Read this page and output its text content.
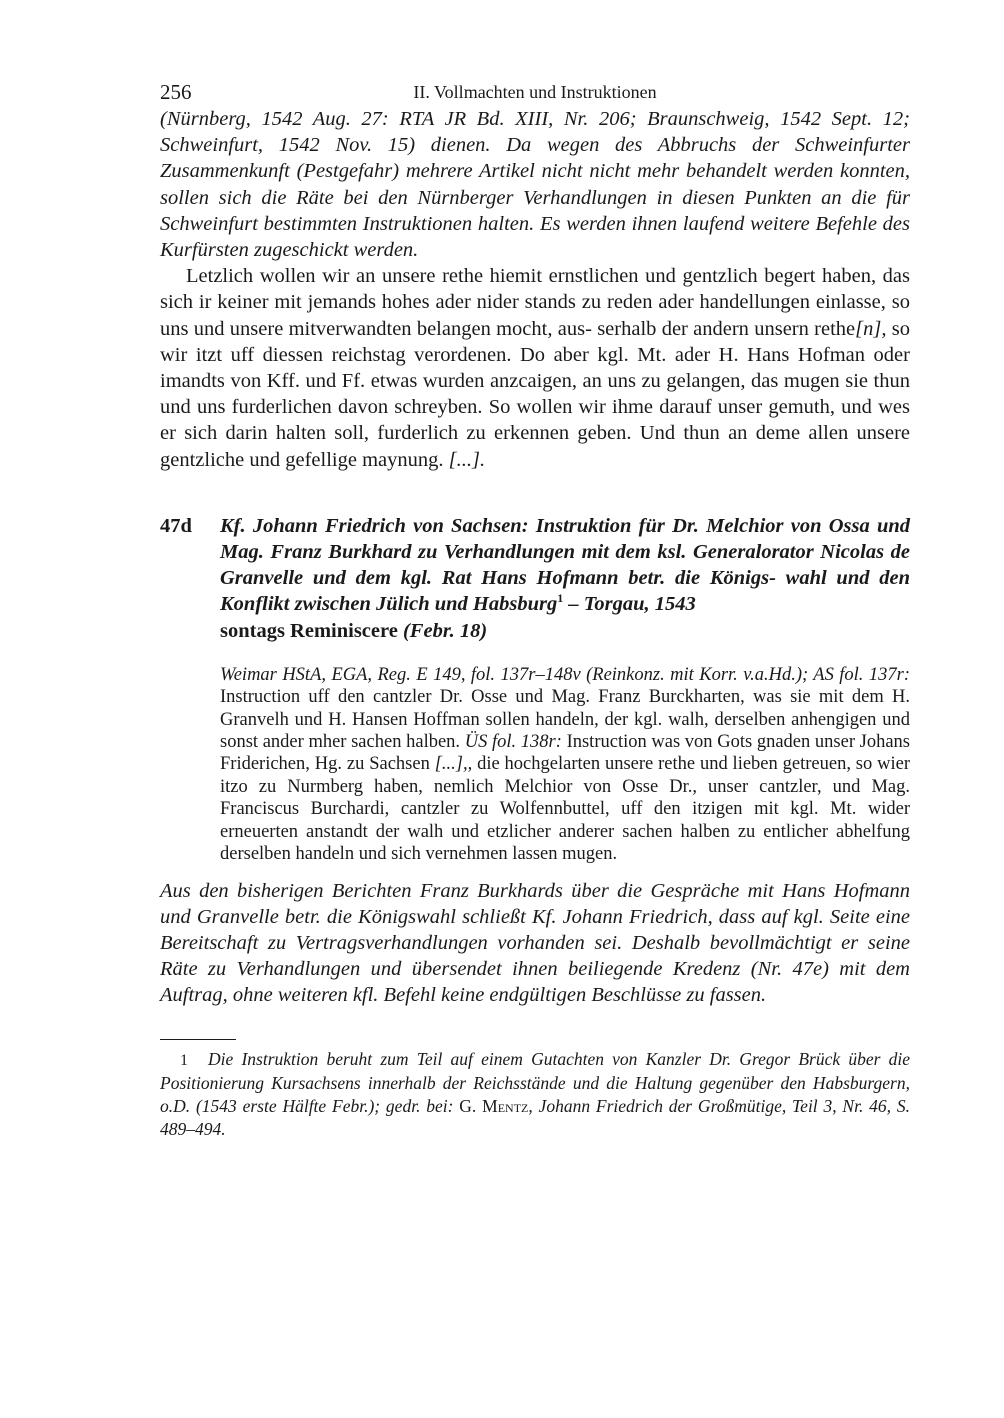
256	II. Vollmachten und Instruktionen

(Nürnberg, 1542 Aug. 27: RTA JR Bd. XIII, Nr. 206; Braunschweig, 1542 Sept. 12; Schweinfurt, 1542 Nov. 15) dienen. Da wegen des Abbruchs der Schweinfurter Zusammenkunft (Pestgefahr) mehrere Artikel nicht nicht mehr behandelt werden konnten, sollen sich die Räte bei den Nürnberger Verhandlungen in diesen Punkten an die für Schweinfurt bestimmten Instruktionen halten. Es werden ihnen laufend weitere Befehle des Kurfürsten zugeschickt werden.

Letzlich wollen wir an unsere rethe hiemit ernstlichen und gentzlich begert haben, das sich ir keiner mit jemands hohes ader nider stands zu reden ader handellungen einlasse, so uns und unsere mitverwandten belangen mocht, aus- serhalb der andern unsern rethe[n], so wir itzt uff diessen reichstag verordenen. Do aber kgl. Mt. ader H. Hans Hofman oder imandts von Kff. und Ff. etwas wurden anzcaigen, an uns zu gelangen, das mugen sie thun und uns furderlichen davon schreyben. So wollen wir ihme darauf unser gemuth, und wes er sich darin halten soll, furderlich zu erkennen geben. Und thun an deme allen unsere gentzliche und gefellige maynung. [...].

47d	Kf. Johann Friedrich von Sachsen: Instruktion für Dr. Melchior von Ossa und Mag. Franz Burkhard zu Verhandlungen mit dem ksl. Generalorator Nicolas de Granvelle und dem kgl. Rat Hans Hofmann betr. die Königs- wahl und den Konflikt zwischen Jülich und Habsburg$^1$ – Torgau, 1543
sontags Reminiscere (Febr. 18)
Weimar HStA, EGA, Reg. E 149, fol. 137r–148v (Reinkonz. mit Korr. v.a.Hd.); AS fol. 137r: Instruction uff den cantzler Dr. Osse und Mag. Franz Burckharten, was sie mit dem H. Granvelh und H. Hansen Hoffman sollen handeln, der kgl. walh, derselben anhengigen und sonst ander mher sachen halben. ÜS fol. 138r: Instruction was von Gots gnaden unser Johans Friderichen, Hg. zu Sachsen [...],, die hochgelarten unsere rethe und lieben getreuen, so wier itzo zu Nurmberg haben, nemlich Melchior von Osse Dr., unser cantzler, und Mag. Franciscus Burchardi, cantzler zu Wolfennbuttel, uff den itzigen mit kgl. Mt. wider erneuerten anstandt der walh und etzlicher anderer sachen halben zu entlicher abhelfung derselben handeln und sich vernehmen lassen mugen.

Aus den bisherigen Berichten Franz Burkhards über die Gespräche mit Hans Hofmann und Granvelle betr. die Königswahl schließt Kf. Johann Friedrich, dass auf kgl. Seite eine Bereitschaft zu Vertragsverhandlungen vorhanden sei. Deshalb bevollmächtigt er seine Räte zu Verhandlungen und übersendet ihnen beiliegende Kredenz (Nr. 47e) mit dem Auftrag, ohne weiteren kfl. Befehl keine endgültigen Beschlüsse zu fassen.

1 Die Instruktion beruht zum Teil auf einem Gutachten von Kanzler Dr. Gregor Brück über die Positionierung Kursachsens innerhalb der Reichsstände und die Haltung gegenüber den Habsburgern, o.D. (1543 erste Hälfte Febr.); gedr. bei: G. Mentz, Johann Friedrich der Großmütige, Teil 3, Nr. 46, S. 489–494.
